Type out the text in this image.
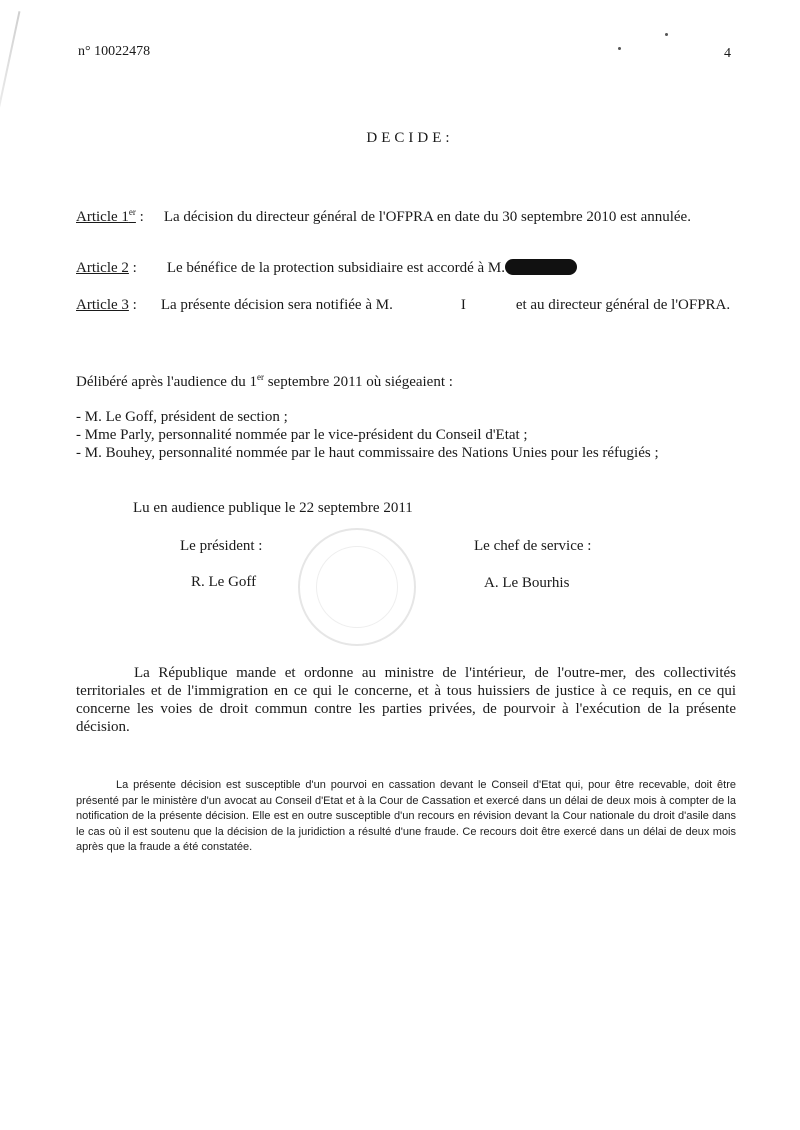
n° 10022478	4
DECIDE:
Article 1er : La décision du directeur général de l'OFPRA en date du 30 septembre 2010 est annulée.
Article 2 : Le bénéfice de la protection subsidiaire est accordé à M.
Article 3 : La présente décision sera notifiée à M.	I	et au directeur général de l'OFPRA.
Délibéré après l'audience du 1er septembre 2011 où siégeaient :
- M. Le Goff, président de section ;
- Mme Parly, personnalité nommée par le vice-président du Conseil d'Etat ;
- M. Bouhey, personnalité nommée par le haut commissaire des Nations Unies pour les réfugiés ;
Lu en audience publique le 22 septembre 2011
Le président :
R. Le Goff
Le chef de service :
A. Le Bourhis
La République mande et ordonne au ministre de l'intérieur, de l'outre-mer, des collectivités territoriales et de l'immigration en ce qui le concerne, et à tous huissiers de justice à ce requis, en ce qui concerne les voies de droit commun contre les parties privées, de pourvoir à l'exécution de la présente décision.
La présente décision est susceptible d'un pourvoi en cassation devant le Conseil d'Etat qui, pour être recevable, doit être présenté par le ministère d'un avocat au Conseil d'Etat et à la Cour de Cassation et exercé dans un délai de deux mois à compter de la notification de la présente décision. Elle est en outre susceptible d'un recours en révision devant la Cour nationale du droit d'asile dans le cas où il est soutenu que la décision de la juridiction a résulté d'une fraude. Ce recours doit être exercé dans un délai de deux mois après que la fraude a été constatée.
